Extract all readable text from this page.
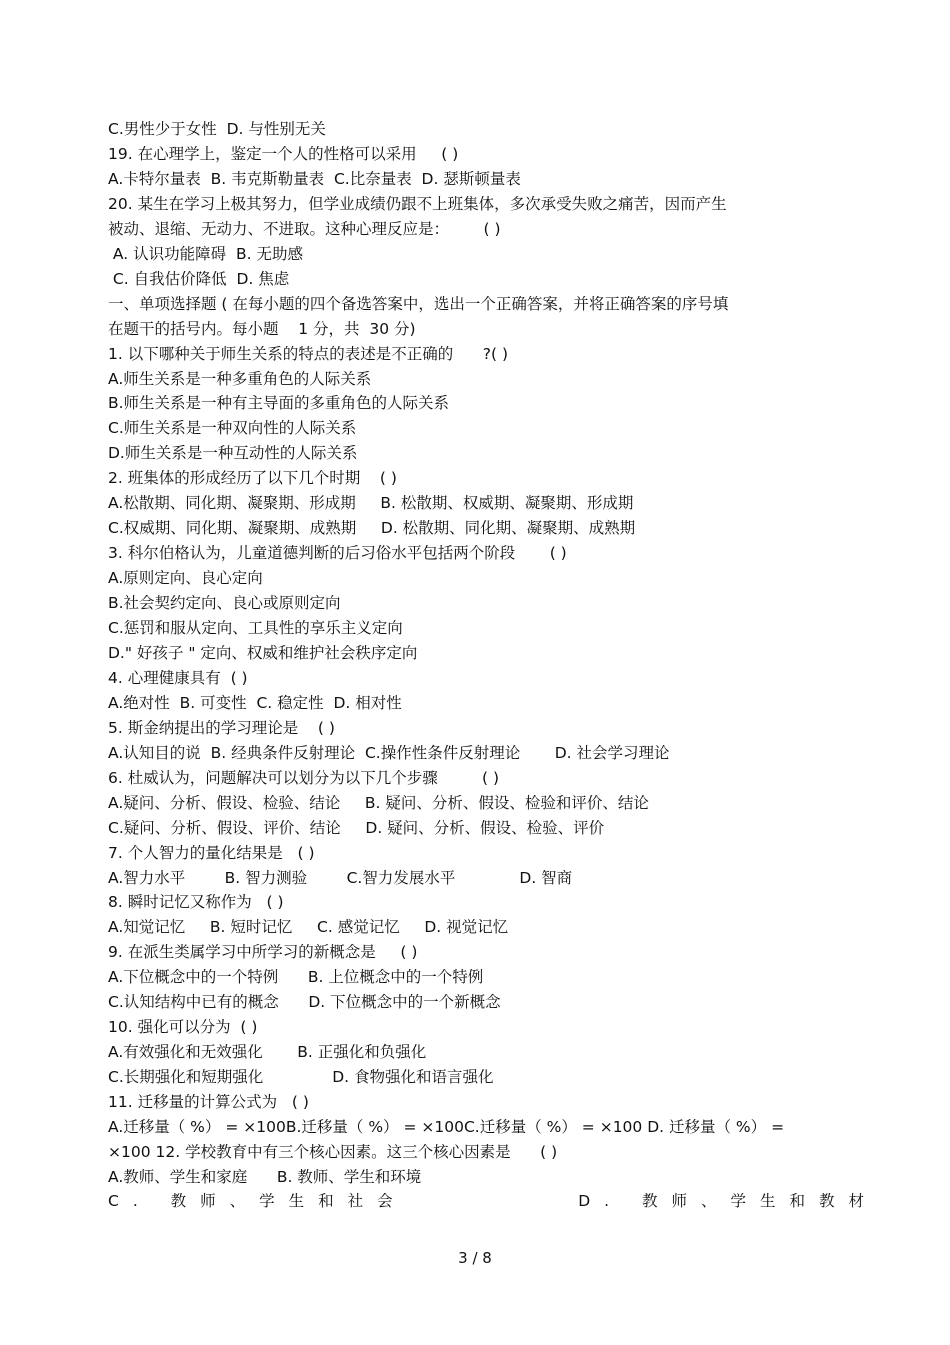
C.男性少于女性  D. 与性别无关
19. 在心理学上，鉴定一个人的性格可以采用     ( )
A.卡特尔量表  B. 韦克斯勒量表  C.比奈量表  D. 瑟斯顿量表
20. 某生在学习上极其努力，但学业成绩仍跟不上班集体，多次承受失败之痛苦，因而产生
被动、退缩、无动力、不进取。这种心理反应是：       ( )
A. 认识功能障碍  B. 无助感
C. 自我估价降低  D. 焦虑
一、单项选择题 ( 在每小题的四个备选答案中，选出一个正确答案，并将正确答案的序号填
在题干的括号内。每小题    1 分，共  30 分)
1. 以下哪种关于师生关系的特点的表述是不正确的      ?( )
A.师生关系是一种多重角色的人际关系
B.师生关系是一种有主导面的多重角色的人际关系
C.师生关系是一种双向性的人际关系
D.师生关系是一种互动性的人际关系
2. 班集体的形成经历了以下几个时期    ( )
A.松散期、同化期、凝聚期、形成期     B. 松散期、权威期、凝聚期、形成期
C.权威期、同化期、凝聚期、成熟期     D. 松散期、同化期、凝聚期、成熟期
3. 科尔伯格认为，儿童道德判断的后习俗水平包括两个阶段       ( )
A.原则定向、良心定向
B.社会契约定向、良心或原则定向
C.惩罚和服从定向、工具性的享乐主义定向
D." 好孩子 " 定向、权威和维护社会秩序定向
4. 心理健康具有  ( )
A.绝对性  B. 可变性  C. 稳定性  D. 相对性
5. 斯金纳提出的学习理论是    ( )
A.认知目的说  B. 经典条件反射理论  C.操作性条件反射理论       D. 社会学习理论
6. 杜威认为，问题解决可以划分为以下几个步骤         ( )
A.疑问、分析、假设、检验、结论     B. 疑问、分析、假设、检验和评价、结论
C.疑问、分析、假设、评价、结论     D. 疑问、分析、假设、检验、评价
7. 个人智力的量化结果是   ( )
A.智力水平        B. 智力测验        C.智力发展水平             D. 智商
8. 瞬时记忆又称作为   ( )
A.知觉记忆     B. 短时记忆     C. 感觉记忆     D. 视觉记忆
9. 在派生类属学习中所学习的新概念是     ( )
A.下位概念中的一个特例      B. 上位概念中的一个特例
C.认知结构中已有的概念      D. 下位概念中的一个新概念
10. 强化可以分为  ( )
A.有效强化和无效强化       B. 正强化和负强化
C.长期强化和短期强化              D. 食物强化和语言强化
11. 迁移量的计算公式为   ( )
A.迁移量（ %） = ×100B.迁移量（ %） = ×100C.迁移量（ %） = ×100 D. 迁移量（ %） =
×100 12. 学校教育中有三个核心因素。这三个核心因素是      ( )
A.教师、学生和家庭      B. 教师、学生和环境
C. 教师、学生和社会	D. 教师、学生和教材
3 / 8
